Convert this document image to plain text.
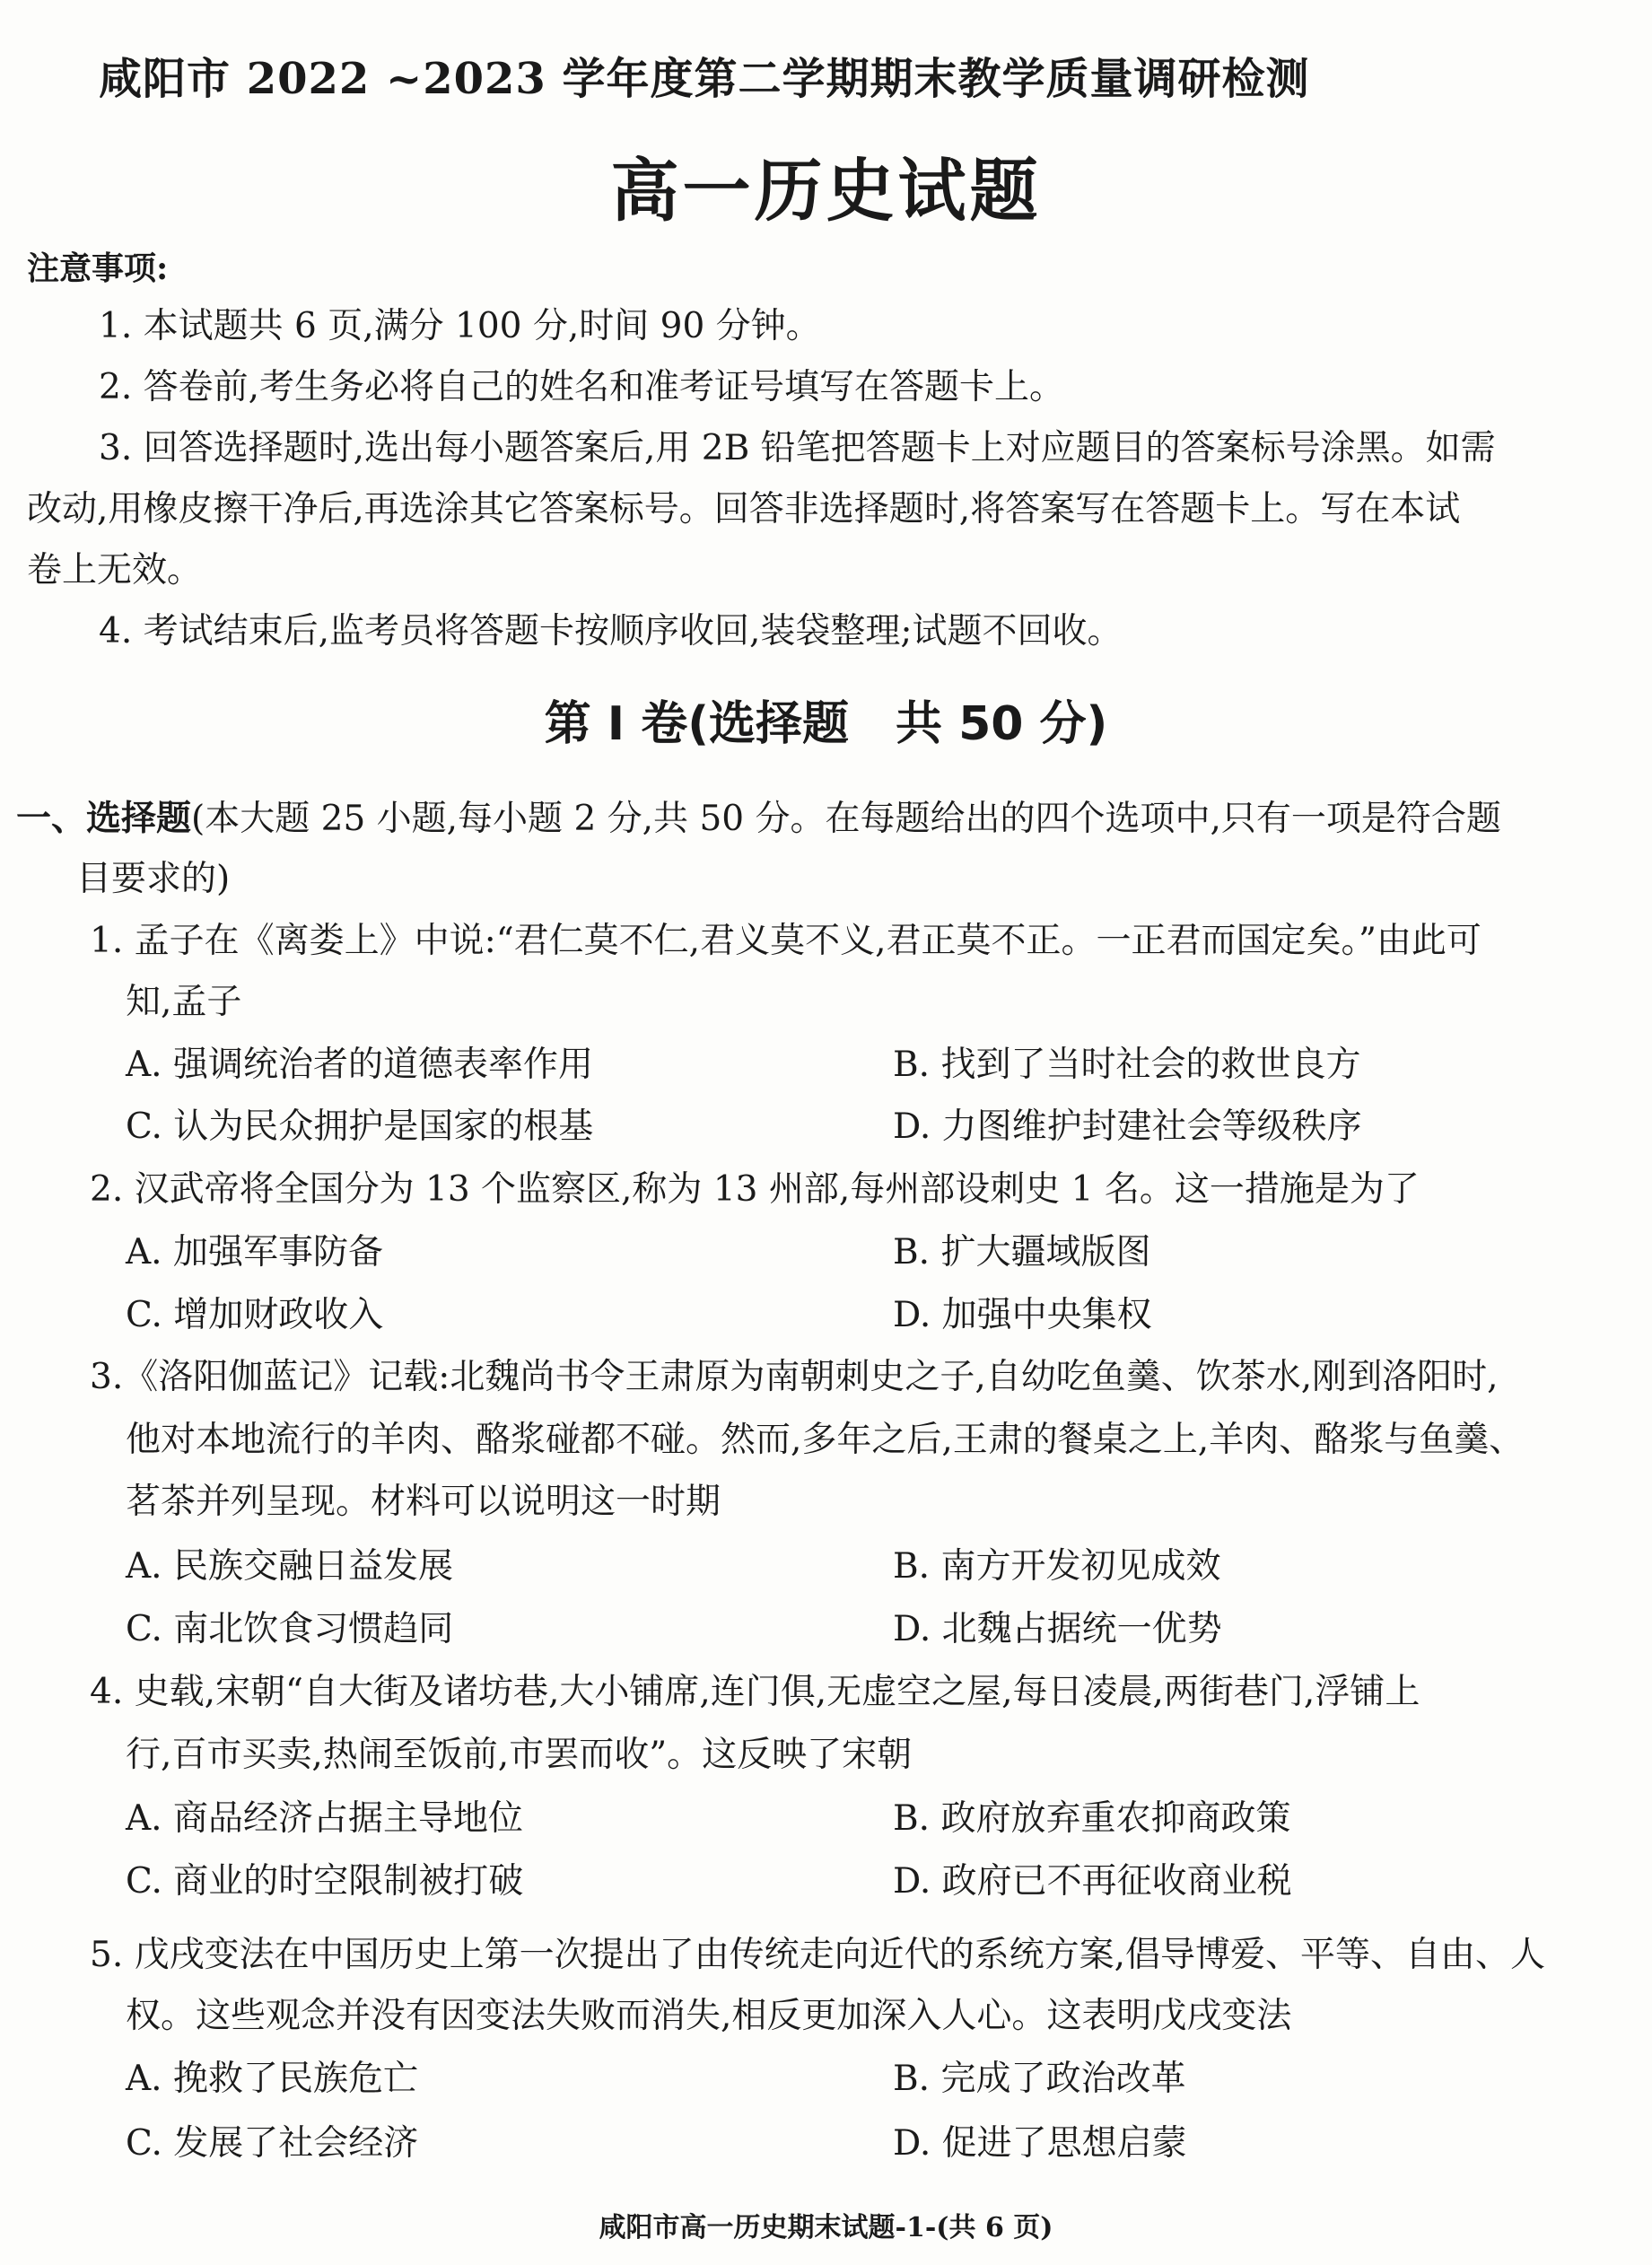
咸阳市 2022 ~2023 学年度第二学期期末教学质量调研检测
高一历史试题
注意事项:
1. 本试题共 6 页,满分 100 分,时间 90 分钟。
2. 答卷前,考生务必将自己的姓名和准考证号填写在答题卡上。
3. 回答选择题时,选出每小题答案后,用 2B 铅笔把答题卡上对应题目的答案标号涂黑。如需
改动,用橡皮擦干净后,再选涂其它答案标号。回答非选择题时,将答案写在答题卡上。写在本试
卷上无效。
4. 考试结束后,监考员将答题卡按顺序收回,装袋整理;试题不回收。
第 Ⅰ 卷(选择题　共 50 分)
一、选择题(本大题 25 小题,每小题 2 分,共 50 分。在每题给出的四个选项中,只有一项是符合题
目要求的)
1. 孟子在《离娄上》中说:“君仁莫不仁,君义莫不义,君正莫不正。一正君而国定矣。”由此可
知,孟子
A. 强调统治者的道德表率作用	B. 找到了当时社会的救世良方
C. 认为民众拥护是国家的根基	D. 力图维护封建社会等级秩序
2. 汉武帝将全国分为 13 个监察区,称为 13 州部,每州部设刺史 1 名。这一措施是为了
A. 加强军事防备	B. 扩大疆域版图
C. 增加财政收入	D. 加强中央集权
3.《洛阳伽蓝记》记载:北魏尚书令王肃原为南朝刺史之子,自幼吃鱼羹、饮茶水,刚到洛阳时,
他对本地流行的羊肉、酪浆碰都不碰。然而,多年之后,王肃的餐桌之上,羊肉、酪浆与鱼羹、
茗茶并列呈现。材料可以说明这一时期
A. 民族交融日益发展	B. 南方开发初见成效
C. 南北饮食习惯趋同	D. 北魏占据统一优势
4. 史载,宋朝“自大街及诸坊巷,大小铺席,连门俱,无虚空之屋,每日凌晨,两街巷门,浮铺上
行,百市买卖,热闹至饭前,市罢而收”。这反映了宋朝
A. 商品经济占据主导地位	B. 政府放弃重农抑商政策
C. 商业的时空限制被打破	D. 政府已不再征收商业税
5. 戊戌变法在中国历史上第一次提出了由传统走向近代的系统方案,倡导博爱、平等、自由、人
权。这些观念并没有因变法失败而消失,相反更加深入人心。这表明戊戌变法
A. 挽救了民族危亡	B. 完成了政治改革
C. 发展了社会经济	D. 促进了思想启蒙
咸阳市高一历史期末试题-1-(共 6 页)
